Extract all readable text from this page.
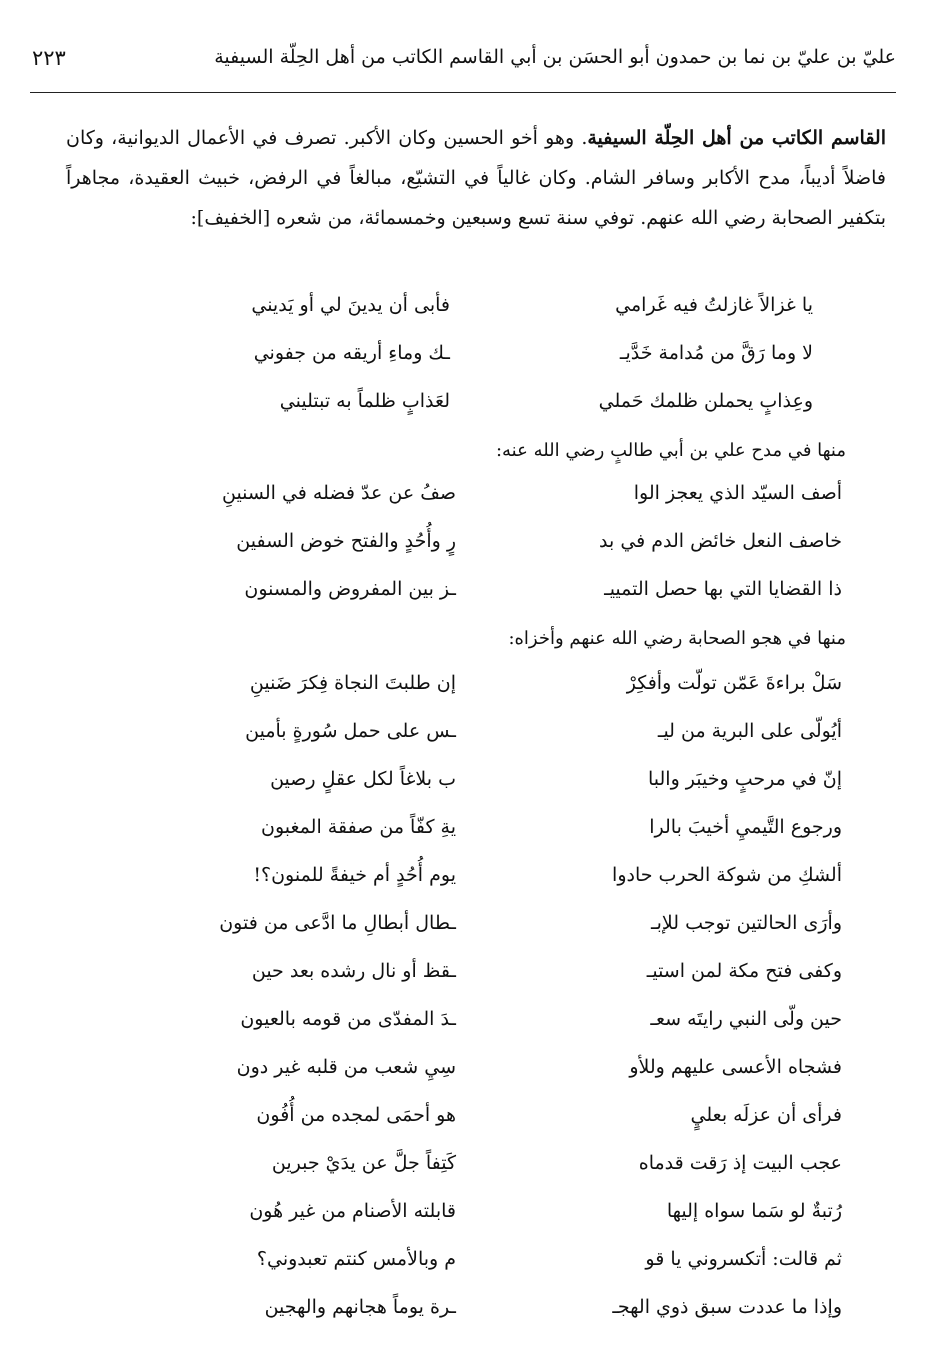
عليّ بن عليّ بن نما بن حمدون أبو الحسَن بن أبي القاسم الكاتب من أهل الحِلّة السيفية
٢٢٣

القاسم الكاتب من أهل الحِلّة السيفية. وهو أخو الحسين وكان الأكبر. تصرف في الأعمال الديوانية، وكان فاضلاً أديباً، مدح الأكابر وسافر الشام. وكان غالياً في التشيّع، مبالغاً في الرفض، خبيث العقيدة، مجاهراً بتكفير الصحابة رضي الله عنهم. توفي سنة تسع وسبعين وخمسمائة، من شعره [الخفيف]:

يا غزالاً غازلتُ فيه غَرامي
فأبى أن يدينَ لي أو يَديني
لا وما رَقَّ من مُدامة خَدَّيـ
ـك وماءِ أريقه من جفوني
وعِذابٍ يحملن ظلمك حَملي
لعَذابٍ ظلماً به تبتليني
منها في مدح علي بن أبي طالبٍ رضي الله عنه:
أصف السيّد الذي يعجز الوا
صفُ عن عدّ فضله في السنينِ
خاصف النعل خائض الدم في بد
رٍ وأُحُدٍ والفتح خوض السفين
ذا القضايا التي بها حصل التمييـ
ـز بين المفروض والمسنون
منها في هجو الصحابة رضي الله عنهم وأخزاه:
سَلْ براءةَ عَمّن تولّت وأفكِرْ
إن طلبتَ النجاة فِكرَ ضَنينِ
أيُولّى على البرية من ليـ
ـس على حمل سُورةٍ بأمين
إنّ في مرحبٍ وخيبَر والبا
ب بلاغاً لكل عقلٍ رصين
ورجوع التَّيميِ أخيبَ بالرا
يةِ كفّاً من صفقة المغبون
ألشكِ من شوكة الحرب حادوا
يوم أُحُدٍ أم خيفةً للمنون؟!
وأرَى الحالتين توجب للإبـ
ـطال أبطالِ ما ادَّعى من فتون
وكفى فتح مكة لمن استيـ
ـقظ أو نال رشده بعد حين
حين ولّى النبي رايتَه سعـ
ـدَ المفدّى من قومه بالعيون
فشجاه الأعسى عليهم وللأو
سِيِ شعب من قلبه غير دون
فرأى أن عزلَه بعليٍ
هو أحمَى لمجده من أُفُون
عجب البيت إذ رَقت قدماه
كَتِفاً جلَّ عن يدَيْ جبرين
رُتبةٌ لو سَما سواه إليها
قابلته الأصنام من غير هُون
ثم قالت: أتكسروني يا قو
م وبالأمس كنتم تعبدوني؟
وإذا ما عددت سبق ذوي الهجـ
ـرة يوماً هجانهم والهجين
